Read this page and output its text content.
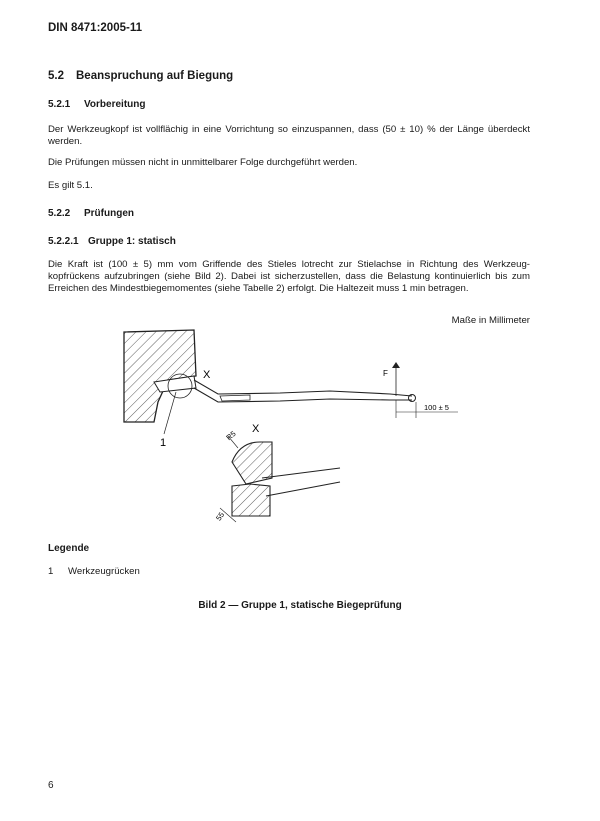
DIN 8471:2005-11
5.2 Beanspruchung auf Biegung
5.2.1 Vorbereitung

Der Werkzeugkopf ist vollflächig in eine Vorrichtung so einzuspannen, dass (50 ± 10) % der Länge überdeckt werden.

Die Prüfungen müssen nicht in unmittelbarer Folge durchgeführt werden.

Es gilt 5.1.

5.2.2 Prüfungen
5.2.2.1 Gruppe 1: statisch

Die Kraft ist (100 ± 5) mm vom Griffende des Stieles lotrecht zur Stielachse in Richtung des Werkzeug-kopfrückens aufzubringen (siehe Bild 2). Dabei ist sicherzustellen, dass die Belastung kontinuierlich bis zum Erreichen des Mindestbiegemomentes (siehe Tabelle 2) erfolgt. Die Haltezeit muss 1 min betragen.

Maße in Millimeter
X
1
F
100 ± 5
X
R5
55
Legende
1 Werkzeugrücken
Bild 2 — Gruppe 1, statische Biegeprüfung
6
